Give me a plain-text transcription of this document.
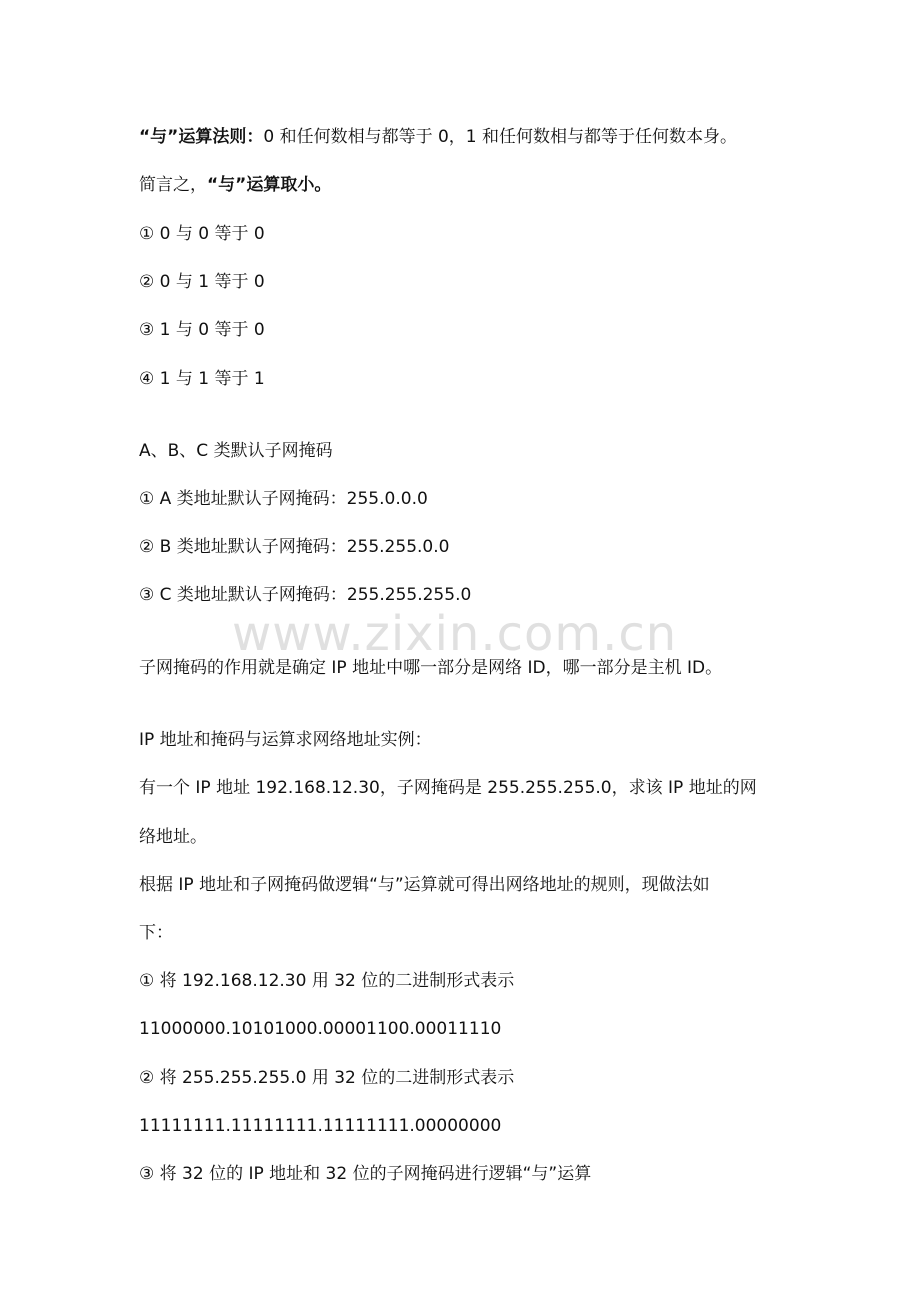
www.zixin.com.cn
“与”运算法则：0 和任何数相与都等于 0，1 和任何数相与都等于任何数本身。
简言之，“与”运算取小。
① 0 与 0 等于 0
② 0 与 1 等于 0
③ 1 与 0 等于 0
④ 1 与 1 等于 1
A、B、C 类默认子网掩码
① A 类地址默认子网掩码：255.0.0.0
② B 类地址默认子网掩码：255.255.0.0
③ C 类地址默认子网掩码：255.255.255.0
子网掩码的作用就是确定 IP 地址中哪一部分是网络 ID，哪一部分是主机 ID。
IP 地址和掩码与运算求网络地址实例：
有一个 IP 地址 192.168.12.30，子网掩码是 255.255.255.0，求该 IP 地址的网
络地址。
根据 IP 地址和子网掩码做逻辑“与”运算就可得出网络地址的规则，现做法如
下：
① 将 192.168.12.30 用 32 位的二进制形式表示
11000000.10101000.00001100.00011110
② 将 255.255.255.0 用 32 位的二进制形式表示
11111111.11111111.11111111.00000000
③ 将 32 位的 IP 地址和 32 位的子网掩码进行逻辑“与”运算
